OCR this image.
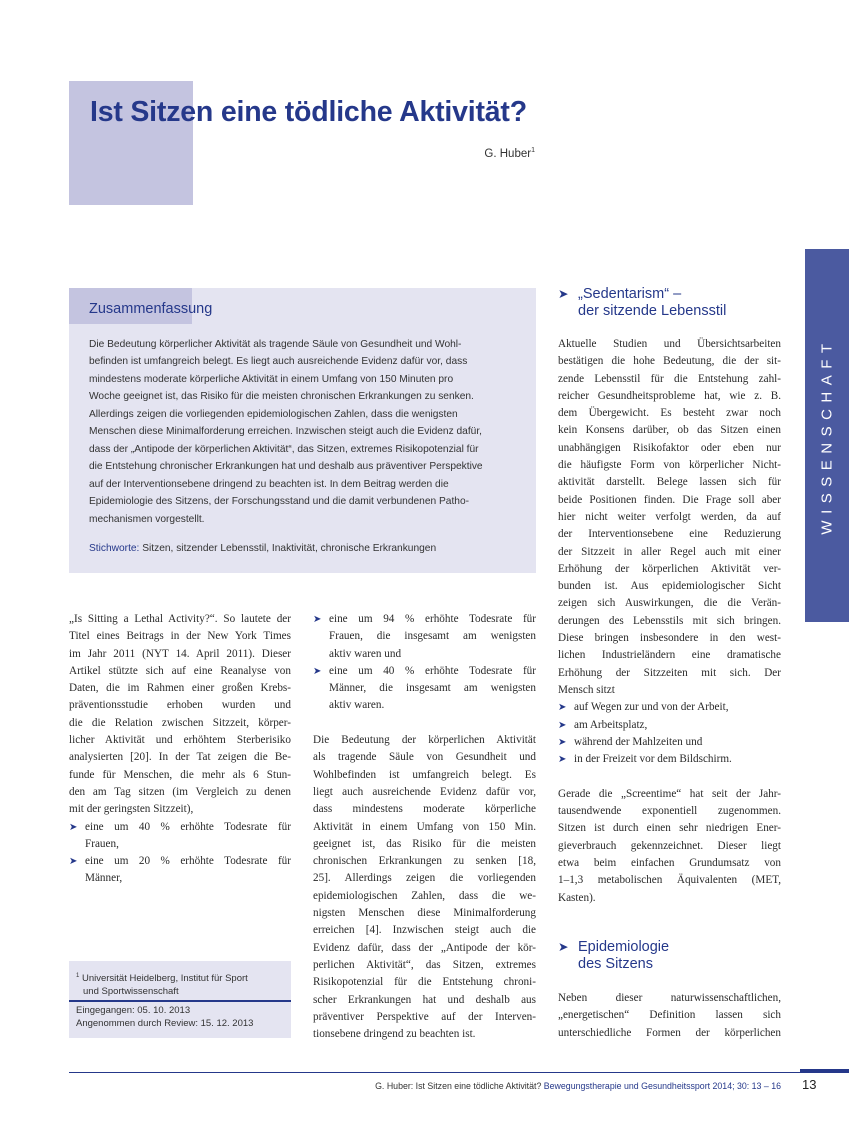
Ist Sitzen eine tödliche Aktivität?
G. Huber$^1$
WISSENSCHAFT
Zusammenfassung
Die Bedeutung körperlicher Aktivität als tragende Säule von Gesundheit und Wohl-
befinden ist umfangreich belegt. Es liegt auch ausreichende Evidenz dafür vor, dass
mindestens moderate körperliche Aktivität in einem Umfang von 150 Minuten pro
Woche geeignet ist, das Risiko für die meisten chronischen Erkrankungen zu senken.
Allerdings zeigen die vorliegenden epidemiologischen Zahlen, dass die wenigsten
Menschen diese Minimalforderung erreichen. Inzwischen steigt auch die Evidenz dafür,
dass der „Antipode der körperlichen Aktivität“, das Sitzen, extremes Risikopotenzial für
die Entstehung chronischer Erkrankungen hat und deshalb aus präventiver Perspektive
auf der Interventionsebene dringend zu beachten ist. In dem Beitrag werden die
Epidemiologie des Sitzens, der Forschungsstand und die damit verbundenen Patho-
mechanismen vorgestellt.
Stichworte: Sitzen, sitzender Lebensstil, Inaktivität, chronische Erkrankungen
„Is Sitting a Lethal Activity?“. So lautete der
Titel eines Beitrags in der New York Times
im Jahr 2011 (NYT 14. April 2011). Dieser
Artikel stützte sich auf eine Reanalyse von
Daten, die im Rahmen einer großen Krebs-
präventionsstudie erhoben wurden und
die die Relation zwischen Sitzzeit, körper-
licher Aktivität und erhöhtem Sterberisiko
analysierten [20]. In der Tat zeigen die Be-
funde für Menschen, die mehr als 6 Stun-
den am Tag sitzen (im Vergleich zu denen
mit der geringsten Sitzzeit),
➤ eine um 40 % erhöhte Todesrate für
Frauen,
➤ eine um 20 % erhöhte Todesrate für
Männer,
➤ eine um 94 % erhöhte Todesrate für
Frauen, die insgesamt am wenigsten
aktiv waren und
➤ eine um 40 % erhöhte Todesrate für
Männer, die insgesamt am wenigsten
aktiv waren.
Die Bedeutung der körperlichen Aktivität
als tragende Säule von Gesundheit und
Wohlbefinden ist umfangreich belegt. Es
liegt auch ausreichende Evidenz dafür vor,
dass mindestens moderate körperliche
Aktivität in einem Umfang von 150 Min.
geeignet ist, das Risiko für die meisten
chronischen Erkrankungen zu senken [18,
25]. Allerdings zeigen die vorliegenden
epidemiologischen Zahlen, dass die we-
nigsten Menschen diese Minimalforderung
erreichen [4]. Inzwischen steigt auch die
Evidenz dafür, dass der „Antipode der kör-
perlichen Aktivität“, das Sitzen, extremes
Risikopotenzial für die Entstehung chroni-
scher Erkrankungen hat und deshalb aus
präventiver Perspektive auf der Interven-
tionsebene dringend zu beachten ist.
➤ „Sedentarism“ –
der sitzende Lebensstil
Aktuelle Studien und Übersichtsarbeiten
bestätigen die hohe Bedeutung, die der sit-
zende Lebensstil für die Entstehung zahl-
reicher Gesundheitsprobleme hat, wie z. B.
dem Übergewicht. Es besteht zwar noch
kein Konsens darüber, ob das Sitzen einen
unabhängigen Risikofaktor oder eben nur
die häufigste Form von körperlicher Nicht-
aktivität darstellt. Belege lassen sich für
beide Positionen finden. Die Frage soll aber
hier nicht weiter verfolgt werden, da auf
der Interventionsebene eine Reduzierung
der Sitzzeit in aller Regel auch mit einer
Erhöhung der körperlichen Aktivität ver-
bunden ist. Aus epidemiologischer Sicht
zeigen sich Auswirkungen, die die Verän-
derungen des Lebensstils mit sich bringen.
Diese bringen insbesondere in den west-
lichen Industrieländern eine dramatische
Erhöhung der Sitzzeiten mit sich. Der
Mensch sitzt
➤ auf Wegen zur und von der Arbeit,
➤ am Arbeitsplatz,
➤ während der Mahlzeiten und
➤ in der Freizeit vor dem Bildschirm.
Gerade die „Screentime“ hat seit der Jahr-
tausendwende exponentiell zugenommen.
Sitzen ist durch einen sehr niedrigen Ener-
gieverbrauch gekennzeichnet. Dieser liegt
etwa beim einfachen Grundumsatz von
1–1,3 metabolischen Äquivalenten (MET,
Kasten).
➤ Epidemiologie
des Sitzens
Neben dieser naturwissenschaftlichen,
„energetischen“ Definition lassen sich
unterschiedliche Formen der körperlichen
$^1$ Universität Heidelberg, Institut für Sport
und Sportwissenschaft
Eingegangen: 05. 10. 2013
Angenommen durch Review: 15. 12. 2013
G. Huber: Ist Sitzen eine tödliche Aktivität? Bewegungstherapie und Gesundheitssport 2014; 30: 13 – 16 13
